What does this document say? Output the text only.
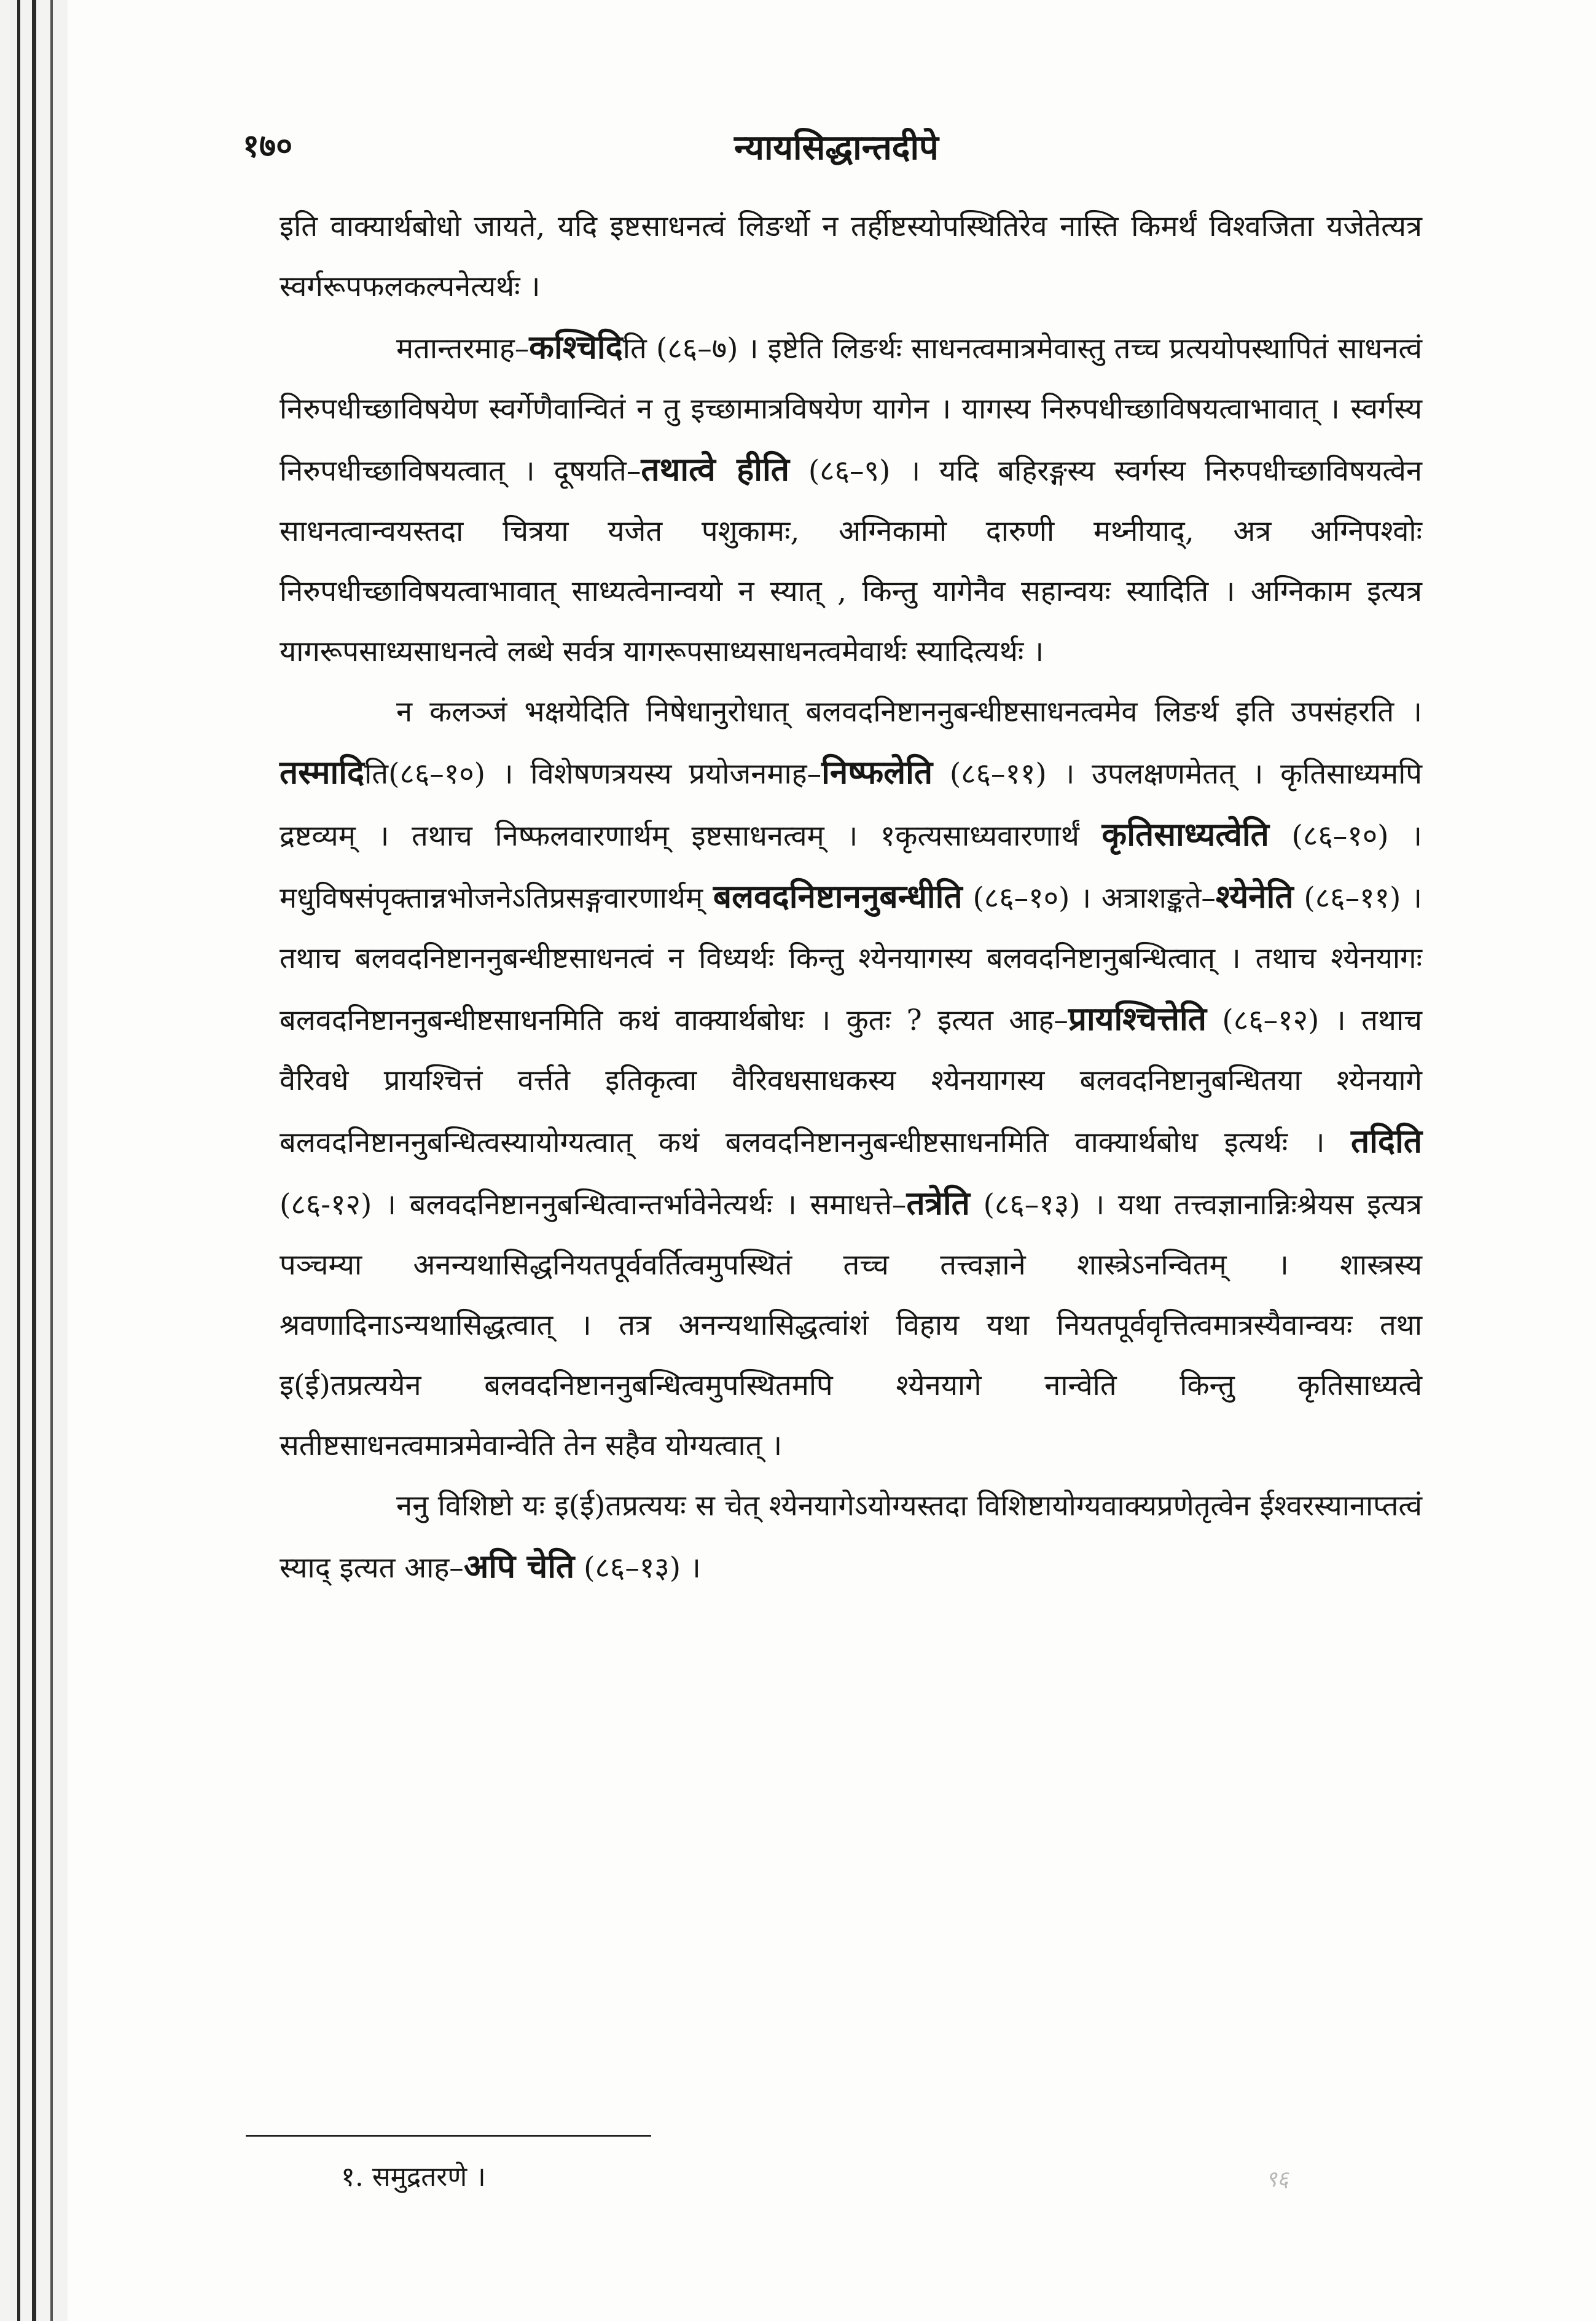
१७०	न्यायसिद्धान्तदीपे

इति वाक्यार्थबोधो जायते, यदि इष्टसाधनत्वं लिङर्थो न तर्हीष्टस्योपस्थितिरेव नास्ति किमर्थं विश्वजिता यजेतेत्यत्र स्वर्गरूपफलकल्पनेत्यर्थः ।

मतान्तरमाह–कश्चिदिति (८६–७) । इष्टेति लिङर्थः साधनत्वमात्रमेवास्तु तच्च प्रत्ययोपस्थापितं साधनत्वं निरुपधीच्छाविषयेण स्वर्गेणैवान्वितं न तु इच्छामात्रविषयेण यागेन । यागस्य निरुपधीच्छाविषयत्वाभावात् । स्वर्गस्य निरुपधीच्छाविषयत्वात् । दूषयति–तथात्वे हीति (८६–९) । यदि बहिरङ्गस्य स्वर्गस्य निरुपधीच्छाविषयत्वेन साधनत्वान्वयस्तदा चित्रया यजेत पशुकामः, अग्निकामो दारुणी मथ्नीयाद्, अत्र अग्निपश्वोः निरुपधीच्छाविषयत्वाभावात् साध्यत्वेनान्वयो न स्यात् , किन्तु यागेनैव सहान्वयः स्यादिति । अग्निकाम इत्यत्र यागरूपसाध्यसाधनत्वे लब्धे सर्वत्र यागरूपसाध्यसाधनत्वमेवार्थः स्यादित्यर्थः ।

न कलञ्जं भक्षयेदिति निषेधानुरोधात् बलवदनिष्टाननुबन्धीष्टसाधनत्वमेव लिङर्थ इति उपसंहरति । तस्मादिति(८६–१०) । विशेषणत्रयस्य प्रयोजनमाह–निष्फलेति (८६–११) । उपलक्षणमेतत् । कृतिसाध्यमपि द्रष्टव्यम् । तथाच निष्फलवारणार्थम् इष्टसाधनत्वम् । १कृत्यसाध्यवारणार्थं कृतिसाध्यत्वेति (८६–१०) । मधुविषसंपृक्तान्नभोजनेऽतिप्रसङ्गवारणार्थम् बलवदनिष्टाननुबन्धीति (८६–१०) । अत्राशङ्कते–श्येनेति (८६–११) । तथाच बलवदनिष्टाननुबन्धीष्टसाधनत्वं न विध्यर्थः किन्तु श्येनयागस्य बलवदनिष्टानुबन्धित्वात् । तथाच श्येनयागः बलवदनिष्टाननुबन्धीष्टसाधनमिति कथं वाक्यार्थबोधः । कुतः ? इत्यत आह–प्रायश्चित्तेति (८६–१२) । तथाच वैरिवधे प्रायश्चित्तं वर्त्तते इतिकृत्वा वैरिवधसाधकस्य श्येनयागस्य बलवदनिष्टानुबन्धितया श्येनयागे बलवदनिष्टाननुबन्धित्वस्यायोग्यत्वात् कथं बलवदनिष्टाननुबन्धीष्टसाधनमिति वाक्यार्थबोध इत्यर्थः । तदिति (८६-१२) । बलवदनिष्टाननुबन्धित्वान्तर्भावेनेत्यर्थः । समाधत्ते–तत्रेति (८६–१३) । यथा तत्त्वज्ञानान्निःश्रेयस इत्यत्र पञ्चम्या अनन्यथासिद्धनियतपूर्ववर्तित्वमुपस्थितं तच्च तत्त्वज्ञाने शास्त्रेऽनन्वितम् । शास्त्रस्य श्रवणादिनाऽन्यथासिद्धत्वात् । तत्र अनन्यथासिद्धत्वांशं विहाय यथा नियतपूर्ववृत्तित्वमात्रस्यैवान्वयः तथा इ(ई)तप्रत्ययेन बलवदनिष्टाननुबन्धित्वमुपस्थितमपि श्येनयागे नान्वेति किन्तु कृतिसाध्यत्वे सतीष्टसाधनत्वमात्रमेवान्वेति तेन सहैव योग्यत्वात् ।

ननु विशिष्टो यः इ(ई)तप्रत्ययः स चेत् श्येनयागेऽयोग्यस्तदा विशिष्टायोग्यवाक्यप्रणेतृत्वेन ईश्वरस्यानाप्तत्वं स्याद् इत्यत आह–अपि चेति (८६–१३) ।

१. समुद्रतरणे ।	९६
